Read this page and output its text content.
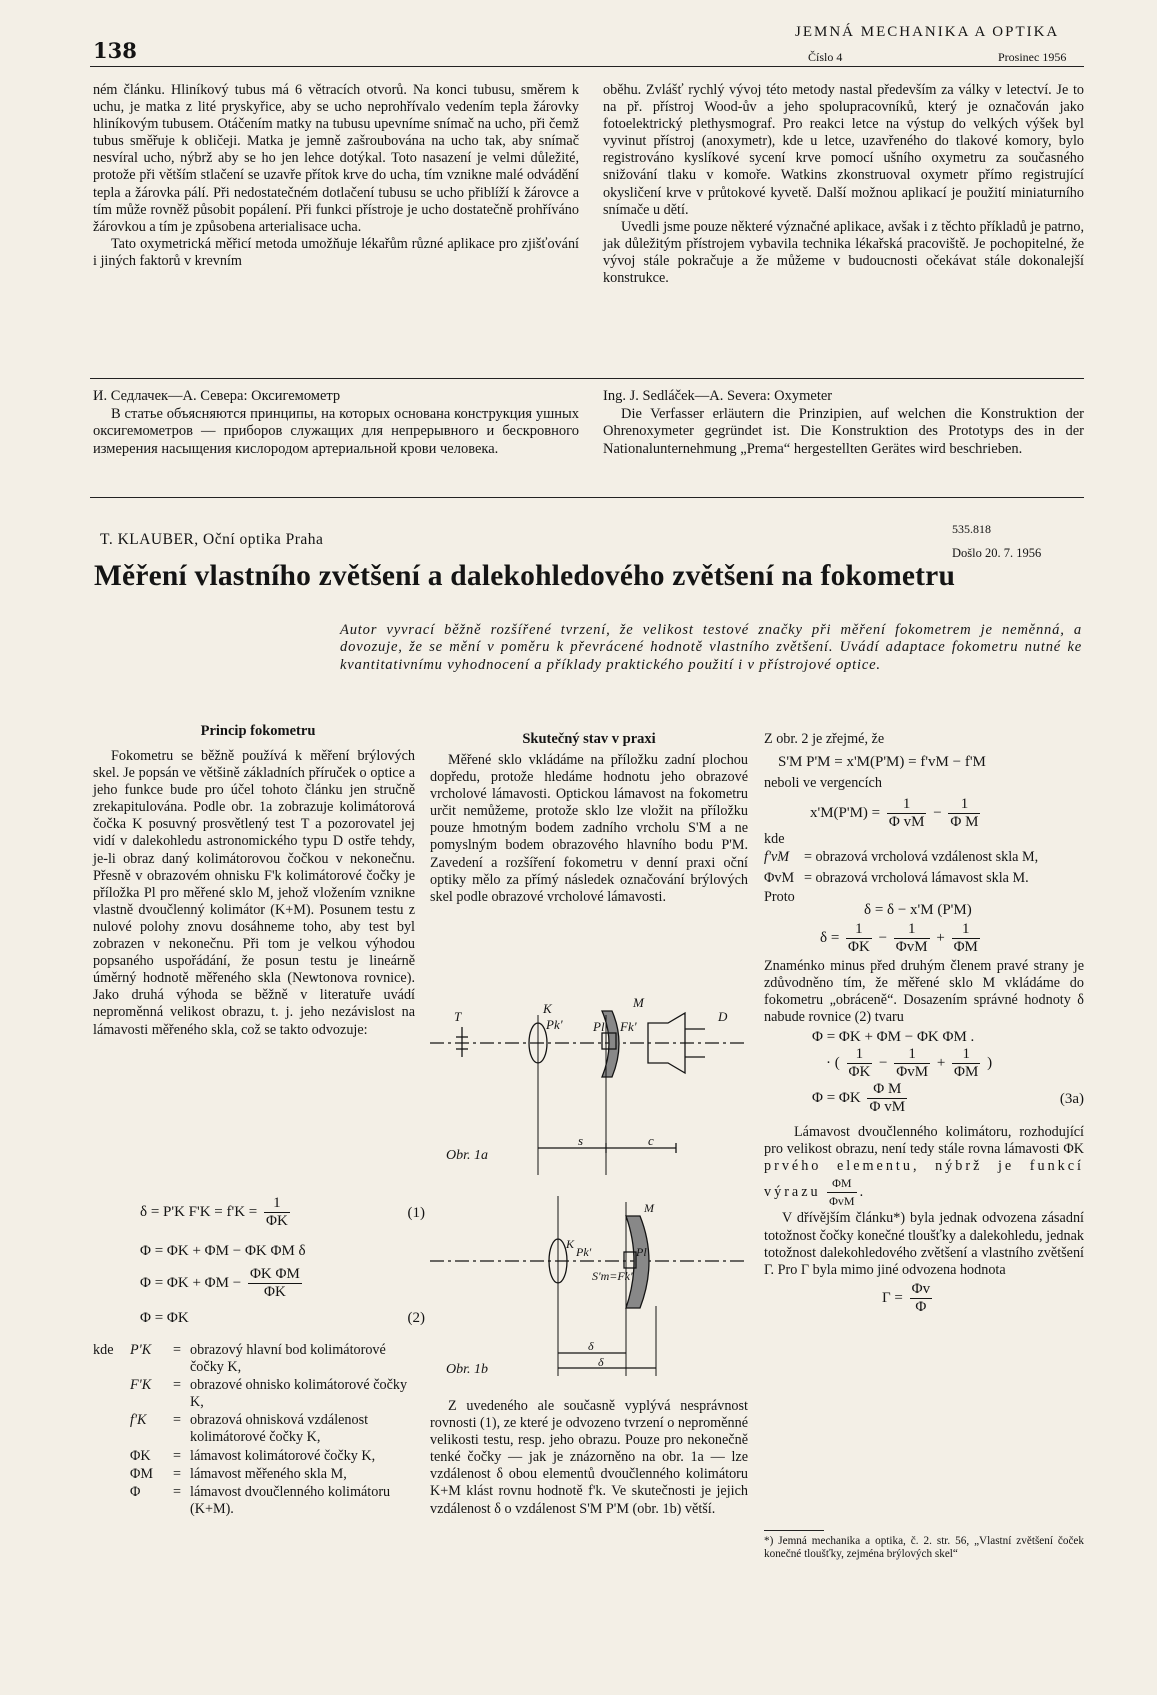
138
JEMNÁ MECHANIKA A OPTIKA
Číslo 4	Prosinec 1956

ném článku. Hliníkový tubus má 6 větracích otvorů. Na konci tubusu, směrem k uchu, je matka z lité pryskyřice, aby se ucho neprohřívalo vedením tepla žárovky hliníkovým tubusem. Otáčením matky na tubusu upevníme snímač na ucho, při čemž tubus směřuje k obličeji. Matka je jemně zašroubována na ucho tak, aby snímač nesvíral ucho, nýbrž aby se ho jen lehce dotýkal. Toto nasazení je velmi důležité, protože při větším stlačení se uzavře přítok krve do ucha, tím vznikne malé odvádění tepla a žárovka pálí. Při nedostatečném dotlačení tubusu se ucho přiblíží k žárovce a tím může rovněž působit popálení. Při funkci přístroje je ucho dostatečně prohříváno žárovkou a tím je způsobena arterialisace ucha.

Tato oxymetrická měřicí metoda umožňuje lékařům různé aplikace pro zjišťování i jiných faktorů v krevním

oběhu. Zvlášť rychlý vývoj této metody nastal především za války v letectví. Je to na př. přístroj Wood-ův a jeho spolupracovníků, který je označován jako fotoelektrický plethysmograf. Pro reakci letce na výstup do velkých výšek byl vyvinut přístroj (anoxymetr), kde u letce, uzavřeného do tlakové komory, bylo registrováno kyslíkové sycení krve pomocí ušního oxymetru za současného snižování tlaku v komoře. Watkins zkonstruoval oxymetr přímo registrující okysličení krve v průtokové kyvetě. Další možnou aplikací je použití miniaturního snímače u dětí.

Uvedli jsme pouze některé význačné aplikace, avšak i z těchto příkladů je patrno, jak důležitým přístrojem vybavila technika lékařská pracoviště. Je pochopitelné, že vývoj stále pokračuje a že můžeme v budoucnosti očekávat stále dokonalejší konstrukce.

И. Седлачек—А. Севера: Оксигемометр

В статье объясняются принципы, на которых основана конструкция ушных оксигемометров — приборов служащих для непрерывного и бескровного измерения насыщения кислородом артериальной крови человека.

Ing. J. Sedláček—A. Severa: Oxymeter

Die Verfasser erläutern die Prinzipien, auf welchen die Konstruktion der Ohrenoxymeter gegründet ist. Die Konstruktion des Prototyps des in der Nationalunternehmung „Prema“ hergestellten Gerätes wird beschrieben.

T. KLAUBER, Oční optika Praha
535.818
Došlo 20. 7. 1956
Měření vlastního zvětšení a dalekohledového zvětšení na fokometru
Autor vyvrací běžně rozšířené tvrzení, že velikost testové značky při měření fokometrem je neměnná, a dovozuje, že se mění v poměru k převrácené hodnotě vlastního zvětšení. Uvádí adaptace fokometru nutné ke kvantitativnímu vyhodnocení a příklady praktického použití i v přístrojové optice.
Princip fokometru

Fokometru se běžně používá k měření brýlových skel. Je popsán ve většině základních příruček o optice a jeho funkce bude pro účel tohoto článku jen stručně zrekapitulována. Podle obr. 1a zobrazuje kolimátorová čočka K posuvný prosvětlený test T a pozorovatel jej vidí v dalekohledu astronomického typu D ostře tehdy, je-li obraz daný kolimátorovou čočkou v nekonečnu. Přesně v obrazovém ohnisku F'k kolimátorové čočky je příložka Pl pro měřené sklo M, jehož vložením vznikne vlastně dvoučlenný kolimátor (K+M). Posunem testu z nulové polohy znovu dosáhneme toho, aby test byl zobrazen v nekonečnu. Při tom je velkou výhodou popsaného uspořádání, že posun testu je lineárně úměrný hodnotě měřeného skla (Newtonova rovnice). Jako druhá výhoda se běžně v literatuře uvádí neproměnná velikost obrazu, t. j. jeho nezávislost na lámavosti měřeného skla, což se takto odvozuje:

δ = P'K $F'K = f'K = \frac{1}{\Phi K}$	(1)
Φ = ΦK + ΦM − ΦK ΦM δ
$\Phi = \Phi K + \Phi M - \frac{\text{ΦK ΦM}}{\Phi K}$
Φ = ΦK	(2)
kde	P'K	=	obrazový hlavní bod kolimátorové čočky K,
	F'K	=	obrazové ohnisko kolimátorové čočky K,
	f'K	=	obrazová ohnisková vzdálenost kolimátorové čočky K,
	ΦK	=	lámavost kolimátorové čočky K,
	ΦM	=	lámavost měřeného skla M,
	Φ	=	lámavost dvoučlenného kolimátoru (K+M).
Skutečný stav v praxi

Měřené sklo vkládáme na příložku zadní plochou dopředu, protože hledáme hodnotu jeho obrazové vrcholové lámavosti. Optickou lámavost na fokometru určit nemůžeme, protože sklo lze vložit na příložku pouze hmotným bodem zadního vrcholu S'M a ne pomyslným bodem obrazového hlavního bodu P'M. Zavedení a rozšíření fokometru v denní praxi oční optiky mělo za přímý následek označování brýlových skel podle obrazové vrcholové lámavosti.

T
K
Pk'
M
Pl Fk'
D
s	c
Obr. 1a
K
Pk'
M
Pl
S'm=Fk'
δ
δ
Obr. 1b

Z uvedeného ale současně vyplývá nesprávnost rovnosti (1), ze které je odvozeno tvrzení o neproměnné velikosti testu, resp. jeho obrazu. Pouze pro nekonečně tenké čočky — jak je znázorněno na obr. 1a — lze vzdálenost δ obou elementů dvoučlenného kolimátoru K+M klást rovnu hodnotě f'k. Ve skutečnosti je jejich vzdálenost δ o vzdálenost S'M P'M (obr. 1b) větší.

Z obr. 2 je zřejmé, že

S'M P'M = x'M(P'M) = f'vM − f'M

neboli ve vergencích

$x'M(P'M) = \frac{1}{\text{Φ vM}} - \frac{1}{\text{Φ M}}$

kde

f'vM	= obrazová vrcholová vzdálenost skla M,
ΦvM = obrazová vrcholová lámavost skla M.

Proto

δ = δ − x'M (P'M)

$\delta = \frac{1}{\Phi K} - \frac{1}{\text{ΦvM}} + \frac{1}{\Phi M}$

Znaménko minus před druhým členem pravé strany je zdůvodněno tím, že měřené sklo M vkládáme do fokometru „obráceně“. Dosazením správné hodnoty δ nabude rovnice (2) tvaru

Φ = ΦK + ΦM − ΦK ΦM .

· ( $\frac{1}{\Phi K} - \frac{1}{\text{ΦvM}} + \frac{1}{\Phi M}$ )

Φ = ΦK $\frac{\text{Φ M}}{\text{Φ vM}}$	(3a)

Lámavost dvoučlenného kolimátoru, rozhodující pro velikost obrazu, není tedy stále rovna lámavosti ΦK prvého elementu, nýbrž je funkcí výrazu $\frac{\Phi M}{\text{ΦvM}}$ .

V dřívějším článku*) byla jednak odvozena zásadní totožnost čočky konečné tloušťky a dalekohledu, jednak totožnost dalekohledového zvětšení a vlastního zvětšení Γ. Pro Γ byla mimo jiné odvozena hodnota

$\Gamma = \frac{\Phi v}{\Phi}$

*) Jemná mechanika a optika, č. 2. str. 56, „Vlastní zvětšení čoček konečné tloušťky, zejména brýlových skel“
